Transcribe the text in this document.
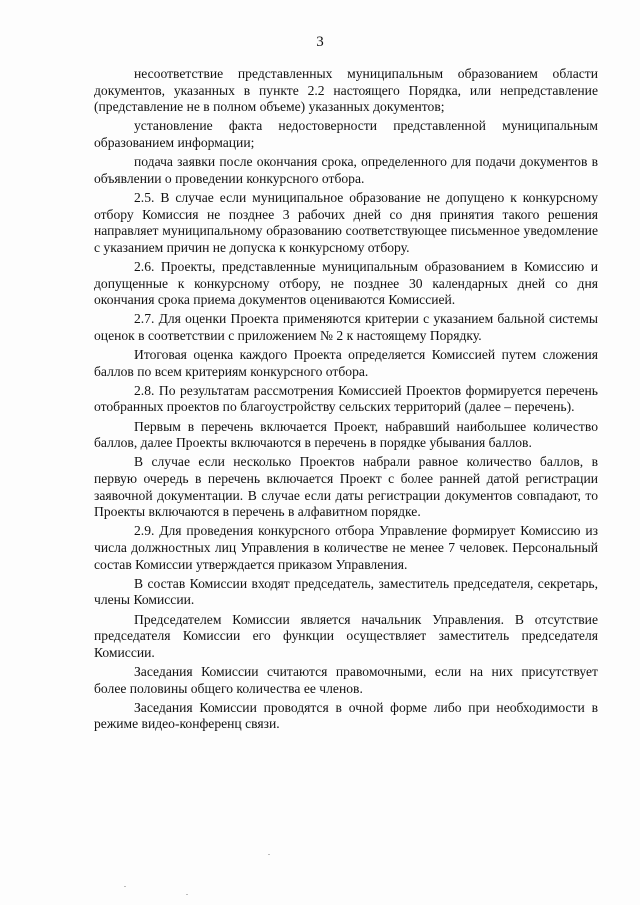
3

несоответствие представленных муниципальным образованием области документов, указанных в пункте 2.2 настоящего Порядка, или непредставление (представление не в полном объеме) указанных документов;

установление факта недостоверности представленной муниципальным образованием информации;

подача заявки после окончания срока, определенного для подачи документов в объявлении о проведении конкурсного отбора.

2.5. В случае если муниципальное образование не допущено к конкурсному отбору Комиссия не позднее 3 рабочих дней со дня принятия такого решения направляет муниципальному образованию соответствующее письменное уведомление с указанием причин не допуска к конкурсному отбору.

2.6. Проекты, представленные муниципальным образованием в Комиссию и допущенные к конкурсному отбору, не позднее 30 календарных дней со дня окончания срока приема документов оцениваются Комиссией.

2.7. Для оценки Проекта применяются критерии с указанием бальной системы оценок в соответствии с приложением № 2 к настоящему Порядку.

Итоговая оценка каждого Проекта определяется Комиссией путем сложения баллов по всем критериям конкурсного отбора.

2.8. По результатам рассмотрения Комиссией Проектов формируется перечень отобранных проектов по благоустройству сельских территорий (далее – перечень).

Первым в перечень включается Проект, набравший наибольшее количество баллов, далее Проекты включаются в перечень в порядке убывания баллов.

В случае если несколько Проектов набрали равное количество баллов, в первую очередь в перечень включается Проект с более ранней датой регистрации заявочной документации. В случае если даты регистрации документов совпадают, то Проекты включаются в перечень в алфавитном порядке.

2.9. Для проведения конкурсного отбора Управление формирует Комиссию из числа должностных лиц Управления в количестве не менее 7 человек. Персональный состав Комиссии утверждается приказом Управления.

В состав Комиссии входят председатель, заместитель председателя, секретарь, члены Комиссии.

Председателем Комиссии является начальник Управления. В отсутствие председателя Комиссии его функции осуществляет заместитель председателя Комиссии.

Заседания Комиссии считаются правомочными, если на них присутствует более половины общего количества ее членов.

Заседания Комиссии проводятся в очной форме либо при необходимости в режиме видео-конференц связи.
